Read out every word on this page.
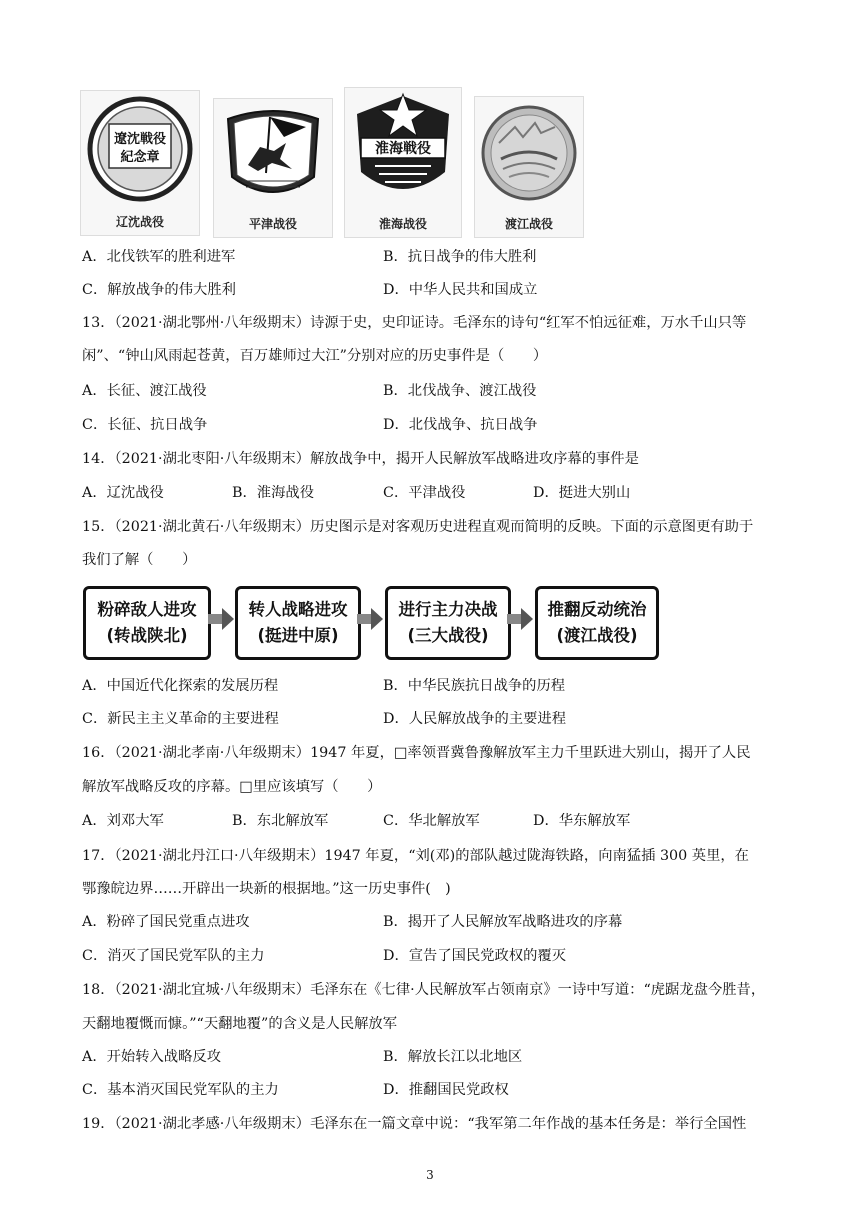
遼沈戦役
紀念章
辽沈战役	平津战役
淮海戦役
淮海战役	渡江战役
A．北伐铁军的胜利进军	B．抗日战争的伟大胜利
C．解放战争的伟大胜利	D．中华人民共和国成立
13．（2021·湖北鄂州·八年级期末）诗源于史，史印证诗。毛泽东的诗句“红军不怕远征难，万水千山只等
闲”、“钟山风雨起苍黄，百万雄师过大江”分别对应的历史事件是（　　）
A．长征、渡江战役	B．北伐战争、渡江战役
C．长征、抗日战争	D．北伐战争、抗日战争
14．（2021·湖北枣阳·八年级期末）解放战争中，揭开人民解放军战略进攻序幕的事件是
A．辽沈战役	B．淮海战役	C．平津战役	D．挺进大别山
15．（2021·湖北黄石·八年级期末）历史图示是对客观历史进程直观而简明的反映。下面的示意图更有助于
我们了解（　　）
粉碎敌人进攻
(转战陕北)
转人战略进攻
(挺进中原)
进行主力决战
(三大战役)
推翻反动统治
(渡江战役)
A．中国近代化探索的发展历程	B．中华民族抗日战争的历程
C．新民主主义革命的主要进程	D．人民解放战争的主要进程
16．（2021·湖北孝南·八年级期末）1947 年夏，□率领晋冀鲁豫解放军主力千里跃进大别山，揭开了人民
解放军战略反攻的序幕。□里应该填写（　　）
A．刘邓大军	B．东北解放军	C．华北解放军	D．华东解放军
17．（2021·湖北丹江口·八年级期末）1947 年夏，“刘(邓)的部队越过陇海铁路，向南猛插 300 英里，在
鄂豫皖边界……开辟出一块新的根据地。”这一历史事件(　)
A．粉碎了国民党重点进攻	B．揭开了人民解放军战略进攻的序幕
C．消灭了国民党军队的主力	D．宣告了国民党政权的覆灭
18．（2021·湖北宜城·八年级期末）毛泽东在《七律·人民解放军占领南京》一诗中写道：“虎踞龙盘今胜昔，
天翻地覆慨而慷。”“天翻地覆”的含义是人民解放军
A．开始转入战略反攻	B．解放长江以北地区
C．基本消灭国民党军队的主力	D．推翻国民党政权
19．（2021·湖北孝感·八年级期末）毛泽东在一篇文章中说：“我军第二年作战的基本任务是：举行全国性
3
